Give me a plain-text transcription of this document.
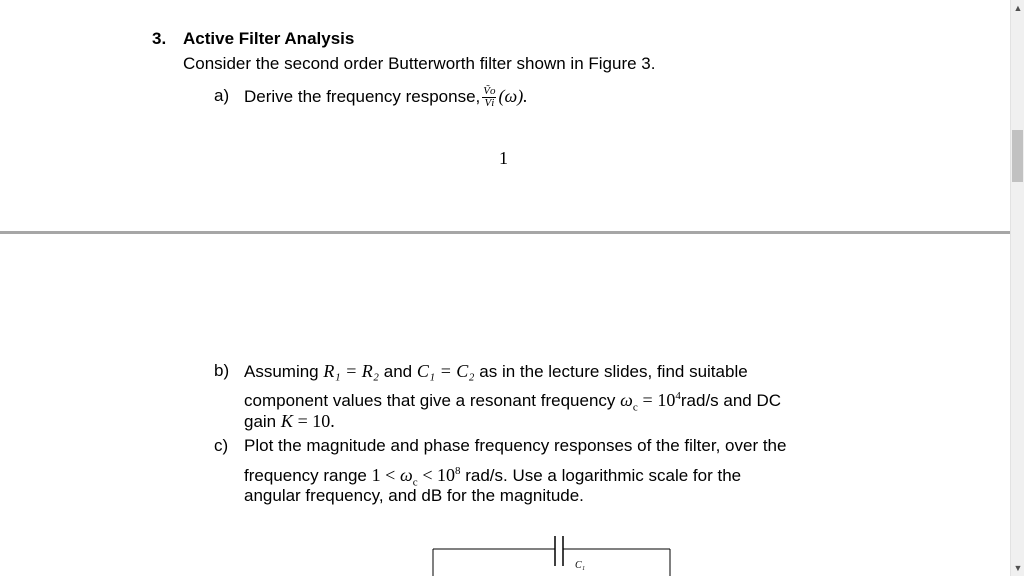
3. Active Filter Analysis
Consider the second order Butterworth filter shown in Figure 3.
a) Derive the frequency response, $\frac{Ṽo}{Ṽi} (\omega)$.
1
b) Assuming R₁ = R₂ and C₁ = C₂ as in the lecture slides, find suitable
component values that give a resonant frequency $\omega_c = 10^4rad/s$ and DC
gain K = 10.
c) Plot the magnitude and phase frequency responses of the filter, over the
frequency range $1 < \omega_c < 10^8$ rad/s. Use a logarithmic scale for the
angular frequency, and dB for the magnitude.
C₁
▲
▼
